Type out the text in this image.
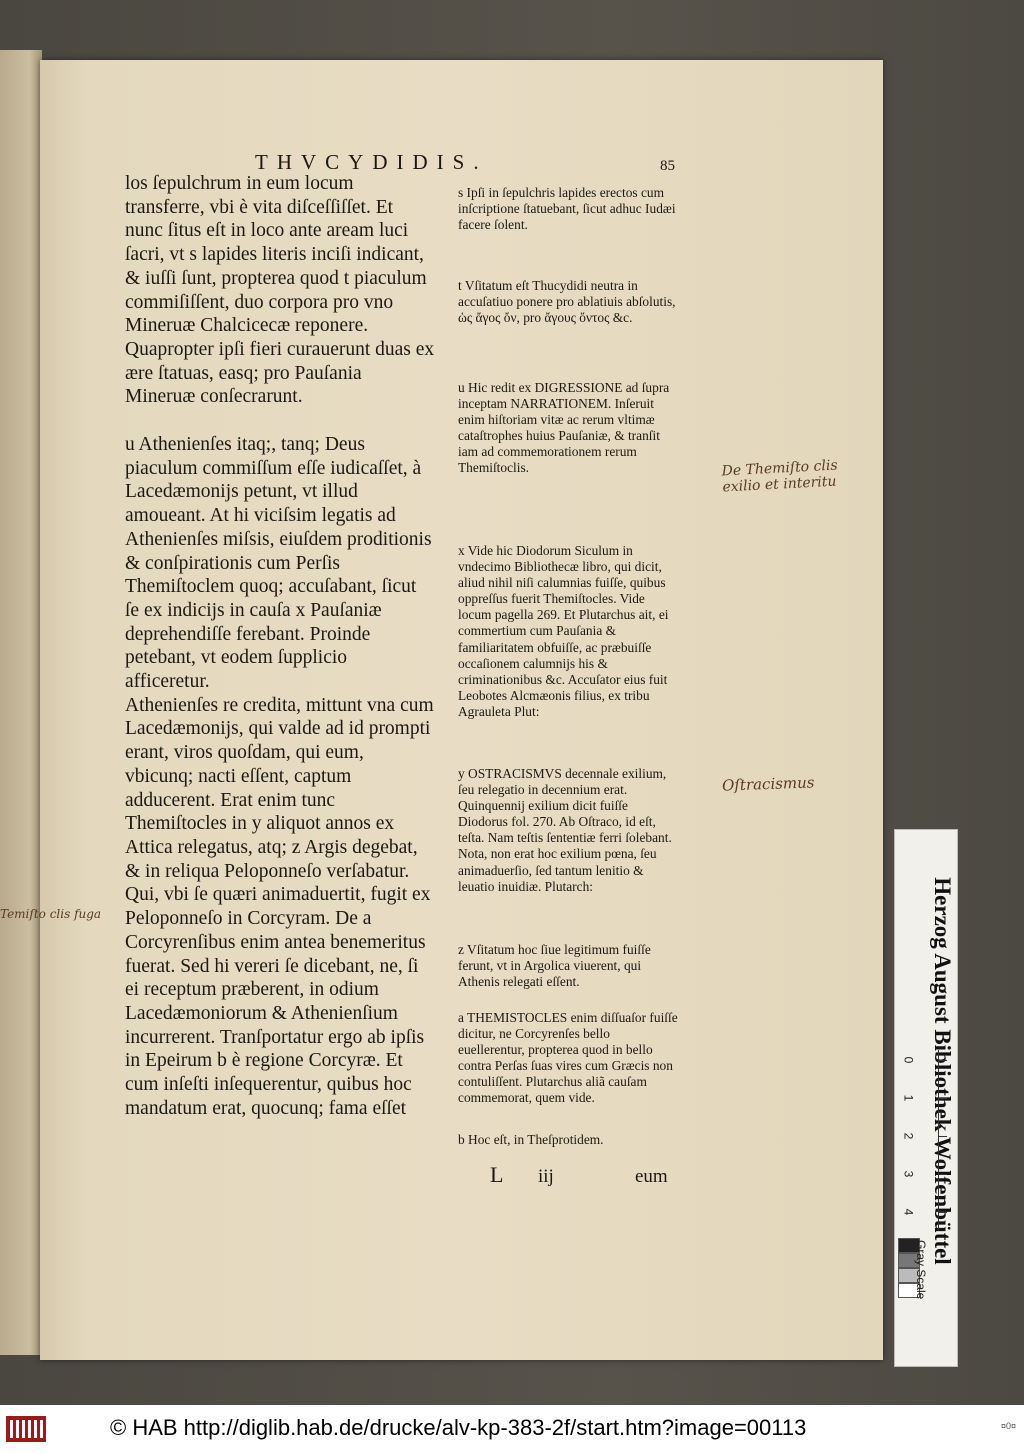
THVCYDIDIS.	85

los ſepulchrum in eum locum transferre, vbi è vita diſceſſiſſet. Et nunc ſitus eſt in loco ante aream luci ſacri, vt s lapides literis inciſi indicant, & iuſſi ſunt, propterea quod t piaculum commiſiſſent, duo corpora pro vno Mineruæ Chalcicecæ reponere. Quapropter ipſi fieri curauerunt duas ex ære ſtatuas, easq; pro Pauſania Mineruæ conſecrarunt.

u Athenienſes itaq;, tanq; Deus piaculum commiſſum eſſe iudicaſſet, à Lacedæmonijs petunt, vt illud amoueant. At hi viciſsim legatis ad Athenienſes miſsis, eiuſdem proditionis & conſpirationis cum Perſis Themiſtoclem quoq; accuſabant, ſicut ſe ex indicijs in cauſa x Pauſaniæ deprehendiſſe ferebant. Proinde petebant, vt eodem ſupplicio afficeretur.

Athenienſes re credita, mittunt vna cum Lacedæmonijs, qui valde ad id prompti erant, viros quoſdam, qui eum, vbicunq; nacti eſſent, captum adducerent. Erat enim tunc Themiſtocles in y aliquot annos ex Attica relegatus, atq; z Argis degebat, & in reliqua Peloponneſo verſabatur. Qui, vbi ſe quæri animaduertit, fugit ex Peloponneſo in Corcyram. De a Corcyrenſibus enim antea benemeritus fuerat. Sed hi vereri ſe dicebant, ne, ſi ei receptum præberent, in odium Lacedæmoniorum & Athenienſium incurrerent. Tranſportatur ergo ab ipſis in Epeirum b è regione Corcyræ. Et cum inſeſti inſequerentur, quibus hoc mandatum erat, quocunq; fama eſſet

s Ipſi in ſepulchris lapides erectos cum inſcriptione ſtatuebant, ſicut adhuc Iudæi facere ſolent.
t Vſitatum eſt Thucydidi neutra in accuſatiuo ponere pro ablatiuis abſolutis, ὡς ἄγος ὄν, pro ἄγους ὄντος &c.
u Hic redit ex DIGRESSIONE ad ſupra inceptam NARRATIONEM. Inſeruit enim hiſtoriam vitæ ac rerum vltimæ cataſtrophes huius Pauſaniæ, & tranſit iam ad commemorationem rerum Themiſtoclis.
x Vide hic Diodorum Siculum in vndecimo Bibliothecæ libro, qui dicit, aliud nihil niſi calumnias fuiſſe, quibus oppreſſus fuerit Themiſtocles. Vide locum pagella 269. Et Plutarchus ait, ei commertium cum Pauſania & familiaritatem obfuiſſe, ac præbuiſſe occaſionem calumnijs his & criminationibus &c. Accuſator eius fuit Leobotes Alcmæonis filius, ex tribu Agrauleta Plut:
y OSTRACISMVS decennale exilium, ſeu relegatio in decennium erat. Quinquennij exilium dicit fuiſſe Diodorus fol. 270. Ab Oſtraco, id eſt, teſta. Nam teſtis ſententiæ ferri ſolebant. Nota, non erat hoc exilium pœna, ſeu animaduerſio, ſed tantum lenitio & leuatio inuidiæ. Plutarch:
z Vſitatum hoc ſiue legitimum fuiſſe ferunt, vt in Argolica viuerent, qui Athenis relegati eſſent.
a THEMISTOCLES enim diſſuaſor fuiſſe dicitur, ne Corcyrenſes bello euellerentur, propterea quod in bello contra Perſas ſuas vires cum Græcis non contuliſſent. Plutarchus aliã cauſam commemorat, quem vide.
b Hoc eſt, in Theſprotidem.
L iij	eum
De Themiſto clis exilio et interitu
Oſtracismus
Temiſto clis fuga	Herzog August Bibliothek Wolfenbüttel
0
1
2
3
4
Gray Scale
© HAB http://diglib.hab.de/drucke/alv-kp-383-2f/start.htm?image=00113	¤0¤
